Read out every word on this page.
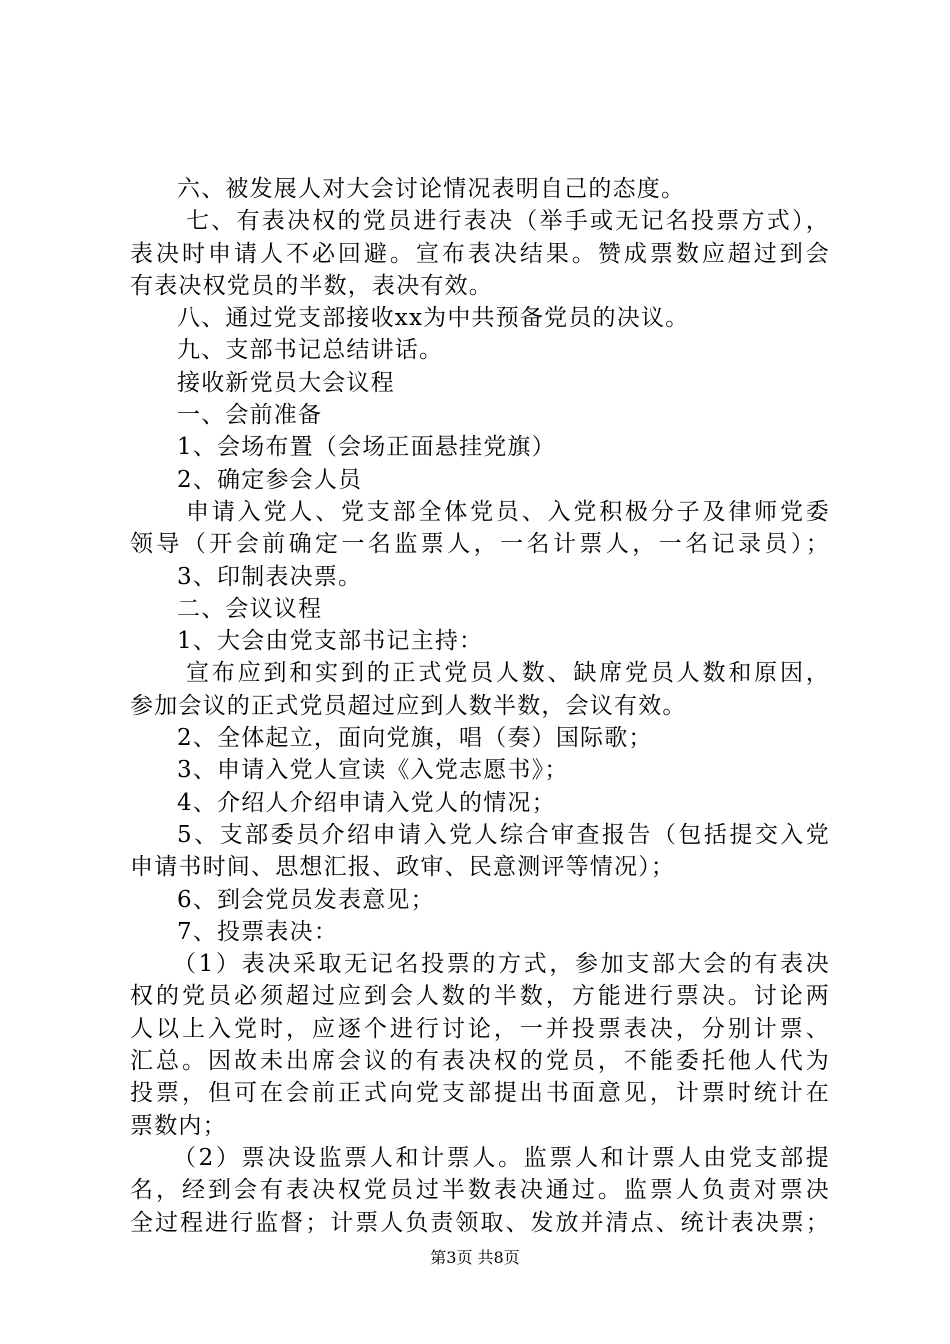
六、被发展人对大会讨论情况表明自己的态度。
七、有表决权的党员进行表决（举手或无记名投票方式），
表决时申请人不必回避。宣布表决结果。赞成票数应超过到会
有表决权党员的半数，表决有效。
八、通过党支部接收xx为中共预备党员的决议。
九、支部书记总结讲话。
接收新党员大会议程
一、会前准备
1、会场布置（会场正面悬挂党旗）
2、确定参会人员
申请入党人、党支部全体党员、入党积极分子及律师党委
领导（开会前确定一名监票人，一名计票人，一名记录员）；
3、印制表决票。
二、会议议程
1、大会由党支部书记主持：
宣布应到和实到的正式党员人数、缺席党员人数和原因，
参加会议的正式党员超过应到人数半数，会议有效。
2、全体起立，面向党旗，唱（奏）国际歌；
3、申请入党人宣读《入党志愿书》；
4、介绍人介绍申请入党人的情况；
5、支部委员介绍申请入党人综合审查报告（包括提交入党
申请书时间、思想汇报、政审、民意测评等情况）；
6、到会党员发表意见；
7、投票表决：
（1）表决采取无记名投票的方式，参加支部大会的有表决
权的党员必须超过应到会人数的半数，方能进行票决。讨论两
人以上入党时，应逐个进行讨论，一并投票表决，分别计票、
汇总。因故未出席会议的有表决权的党员，不能委托他人代为
投票，但可在会前正式向党支部提出书面意见，计票时统计在
票数内；
（2）票决设监票人和计票人。监票人和计票人由党支部提
名，经到会有表决权党员过半数表决通过。监票人负责对票决
全过程进行监督；计票人负责领取、发放并清点、统计表决票；
第3页 共8页
